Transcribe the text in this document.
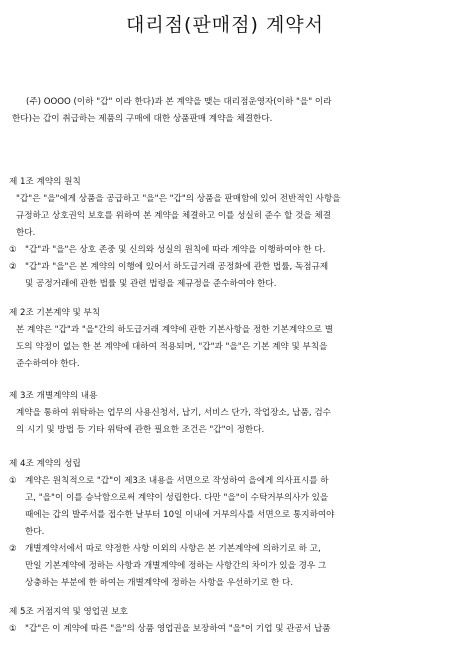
대리점(판매점) 계약서
(주) OOOO (이하 "갑" 이라 한다)과 본 계약을 맺는 대리점운영자(이하 "을" 이라
한다)는 갑이 취급하는 제품의 구매에 대한 상품판매 계약을 체결한다.
제 1조 계약의 원칙
"갑"은 "을"에게 상품을 공급하고 "을"은 "갑"의 상품을 판매함에 있어 전반적인 사항을
규정하고 상호권익 보호를 위하여 본 계약을 체결하고 이를 성실히 준수 할 것을 체결
한다.
① "갑"과 "을"은 상호 존중 및 신의와 성실의 원칙에 따라 계약을 이행하여야 한 다.
② "갑"과 "을"은 본 계약의 이행에 있어서 하도급거래 공정화에 관한 법률, 독점규제
및 공정거래에 관한 법률 및 관련 법령을 제규정을 준수하여야 한다.
제 2조 기본계약 및 부칙
본 계약은 "갑"과 "을"간의 하도급거래 계약에 관한 기본사항을 정한 기본계약으로 별
도의 약정이 없는 한 본 계약에 대하여 적용되며, "갑"과 "을"은 기본 계약 및 부칙을
준수하여야 한다.
제 3조 개별계약의 내용
계약을 통하여 위탁하는 업무의 사용신청서, 납기, 서비스 단가, 작업장소, 납품, 검수
의 시기 및 방법 등 기타 위탁에 관한 필요한 조건은 "갑"이 정한다.
제 4조 계약의 성립
① 계약은 원칙적으로 "갑"이 제3조 내용을 서면으로 작성하여 을에게 의사표시를 하
고, "을"이 이를 승낙함으로써 계약이 성립한다. 다만 "을"이 수탁거부의사가 있을
때에는 갑의 발주서를 접수한 날부터 10일 이내에 거부의사를 서면으로 통지하여야
한다.
② 개별계약서에서 따로 약정한 사항 이외의 사항은 본 기본계약에 의하기로 하 고,
만일 기본계약에 정하는 사항과 개별계약에 정하는 사항간의 차이가 있을 경우 그
상충하는 부분에 한 하여는 개별계약에 정하는 사항을 우선하기로 한 다.
제 5조 거점지역 및 영업권 보호
① "갑"은 이 계약에 따른 "을"의 상품 영업권을 보장하여 "을"이 기업 및 관공서 납품
